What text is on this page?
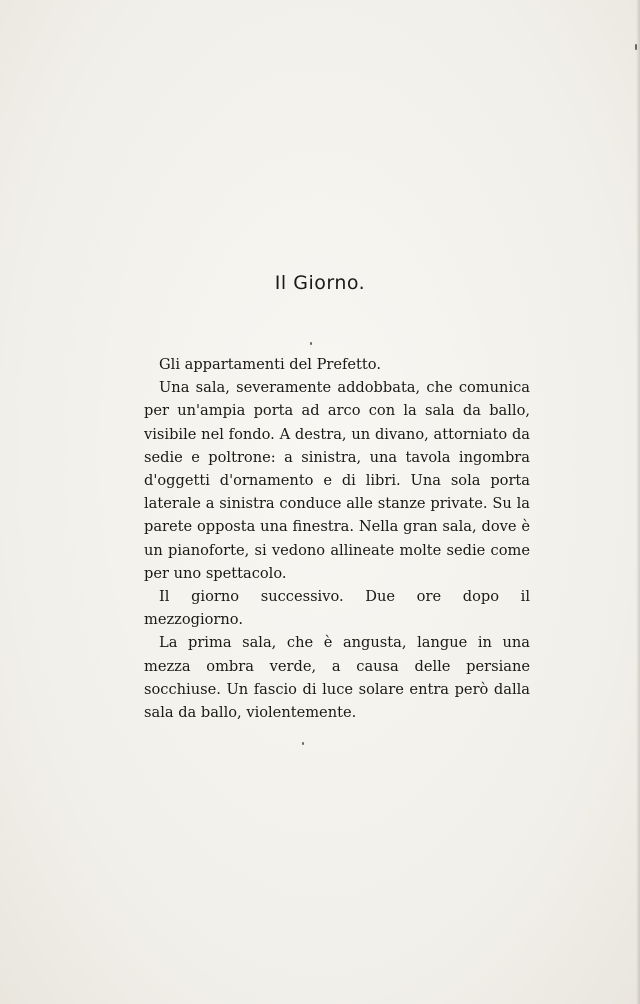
Il Giorno.

Gli appartamenti del Prefetto.

Una sala, severamente addobbata, che comunica per un'ampia porta ad arco con la sala da ballo, visibile nel fondo. A destra, un divano, attorniato da sedie e poltrone: a sinistra, una tavola ingombra d'oggetti d'ornamento e di libri. Una sola porta laterale a sinistra conduce alle stanze private. Su la parete opposta una finestra. Nella gran sala, dove è un pianoforte, si vedono allineate molte sedie come per uno spettacolo.

Il giorno successivo. Due ore dopo il mezzogiorno.

La prima sala, che è angusta, langue in una mezza ombra verde, a causa delle persiane socchiuse. Un fascio di luce solare entra però dalla sala da ballo, violentemente.
